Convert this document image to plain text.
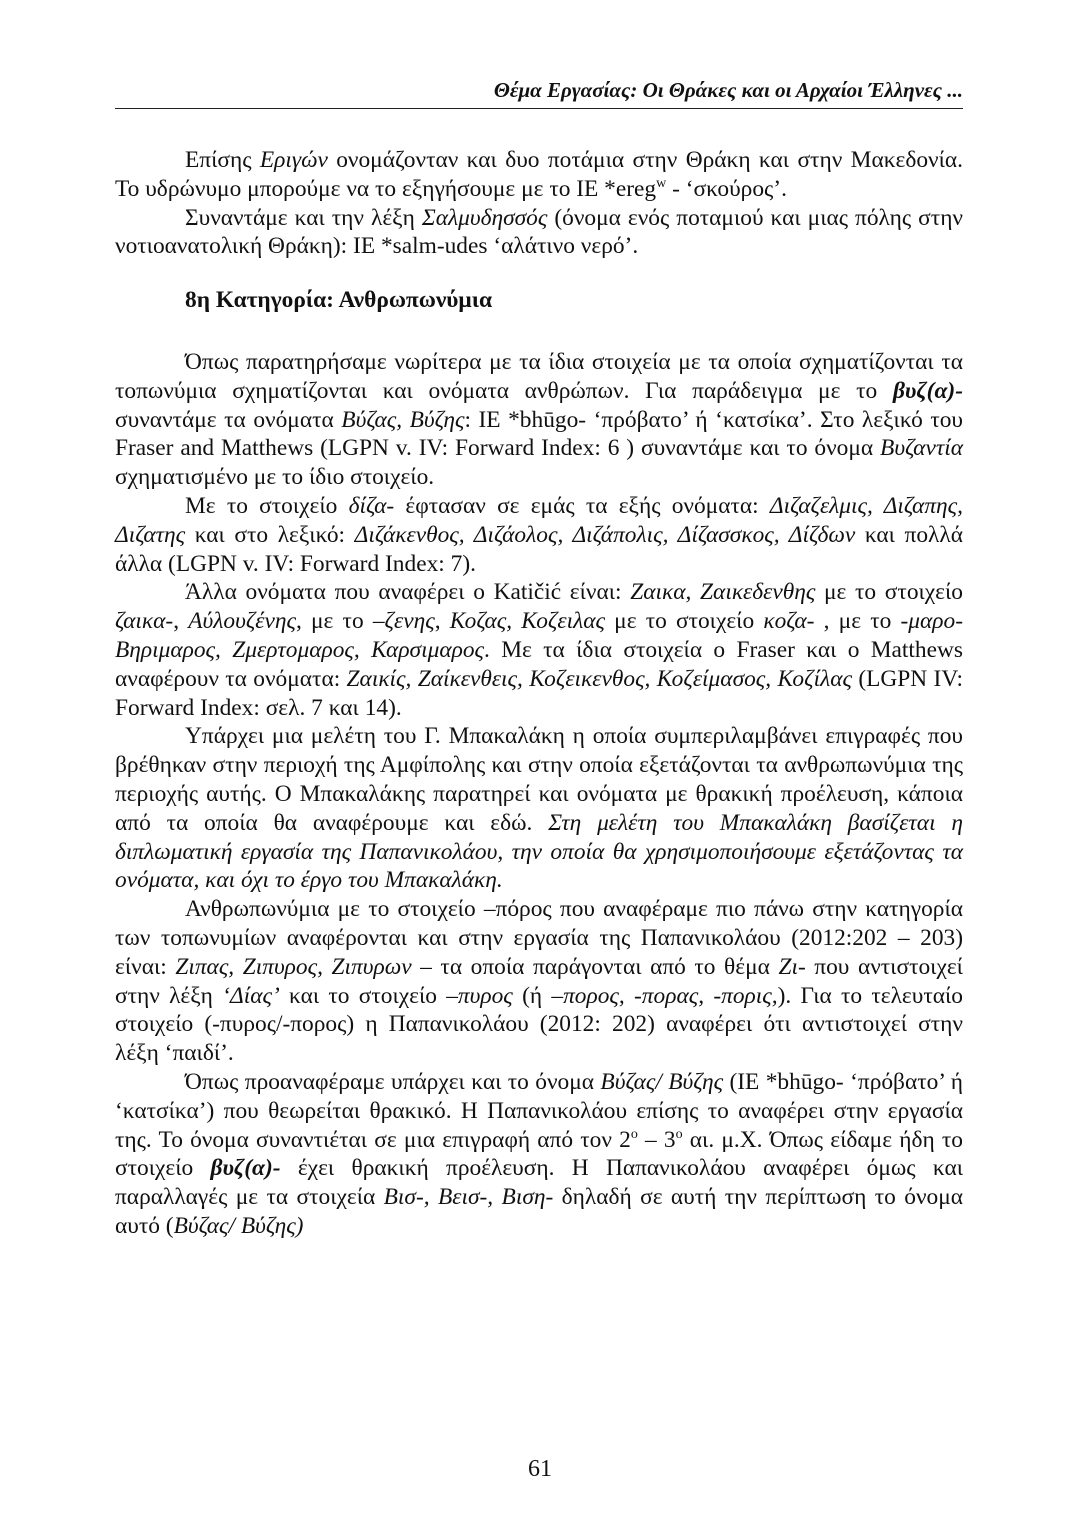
Θέμα Εργασίας: Οι Θράκες και οι Αρχαίοι Έλληνες ...

Επίσης Εριγών ονομάζονταν και δυο ποτάμια στην Θράκη και στην Μακεδονία. Το υδρώνυμο μπορούμε να το εξηγήσουμε με το ΙΕ *ereg$^w$ - ‘σκούρος’.

Συναντάμε και την λέξη Σαλμυδησσός (όνομα ενός ποταμιού και μιας πόλης στην νοτιοανατολική Θράκη): ΙΕ *salm-udes ‘αλάτινο νερό’.

8η Κατηγορία: Ανθρωπωνύμια

Όπως παρατηρήσαμε νωρίτερα με τα ίδια στοιχεία με τα οποία σχηματίζονται τα τοπωνύμια σχηματίζονται και ονόματα ανθρώπων. Για παράδειγμα με το βυζ(α)- συναντάμε τα ονόματα Βύζας, Βύζης: ΙΕ *bhūgo- ‘πρόβατο’ ή ‘κατσίκα’. Στο λεξικό του Fraser and Matthews (LGPN v. IV: Forward Index: 6 ) συναντάμε και το όνομα Βυζαντία σχηματισμένο με το ίδιο στοιχείο.

Με το στοιχείο δίζα- έφτασαν σε εμάς τα εξής ονόματα: Διζαζελμις, Διζαπης, Διζατης και στο λεξικό: Διζάκενθος, Διζάολος, Διζάπολις, Δίζασσκος, Δίζδων και πολλά άλλα (LGPN v. IV: Forward Index: 7).

Άλλα ονόματα που αναφέρει ο Katičić είναι: Ζαικα, Ζαικεδενθης με το στοιχείο ζαικα-, Αύλουζένης, με το –ζενης, Κοζας, Κοζειλας με το στοιχείο κοζα- , με το -μαρο- Βηριμαρος, Ζμερτομαρος, Καρσιμαρος. Με τα ίδια στοιχεία ο Fraser και ο Matthews αναφέρουν τα ονόματα: Ζαικίς, Ζαίκενθεις, Κοζεικενθος, Κοζείμασος, Κοζίλας (LGPN IV: Forward Index: σελ. 7 και 14).

Υπάρχει μια μελέτη του Γ. Μπακαλάκη η οποία συμπεριλαμβάνει επιγραφές που βρέθηκαν στην περιοχή της Αμφίπολης και στην οποία εξετάζονται τα ανθρωπωνύμια της περιοχής αυτής. Ο Μπακαλάκης παρατηρεί και ονόματα με θρακική προέλευση, κάποια από τα οποία θα αναφέρουμε και εδώ. Στη μελέτη του Μπακαλάκη βασίζεται η διπλωματική εργασία της Παπανικολάου, την οποία θα χρησιμοποιήσουμε εξετάζοντας τα ονόματα, και όχι το έργο του Μπακαλάκη.

Ανθρωπωνύμια με το στοιχείο –πόρος που αναφέραμε πιο πάνω στην κατηγορία των τοπωνυμίων αναφέρονται και στην εργασία της Παπανικολάου (2012:202 – 203) είναι: Ζιπας, Ζιπυρος, Ζιπυρων – τα οποία παράγονται από το θέμα Ζι- που αντιστοιχεί στην λέξη ‘Δίας’ και το στοιχείο –πυρος (ή –πορος, -πορας, -πορις,). Για το τελευταίο στοιχείο (-πυρος/-πορος) η Παπανικολάου (2012: 202) αναφέρει ότι αντιστοιχεί στην λέξη ‘παιδί’.

Όπως προαναφέραμε υπάρχει και το όνομα Βύζας/ Βύζης (ΙΕ *bhūgo- ‘πρόβατο’ ή ‘κατσίκα’) που θεωρείται θρακικό. Η Παπανικολάου επίσης το αναφέρει στην εργασία της. Το όνομα συναντιέται σε μια επιγραφή από τον $2^o - 3^o$ αι. μ.Χ. Όπως είδαμε ήδη το στοιχείο βυζ(α)- έχει θρακική προέλευση. Η Παπανικολάου αναφέρει όμως και παραλλαγές με τα στοιχεία Βισ-, Βεισ-, Βιση- δηλαδή σε αυτή την περίπτωση το όνομα αυτό (Βύζας/ Βύζης)

61
